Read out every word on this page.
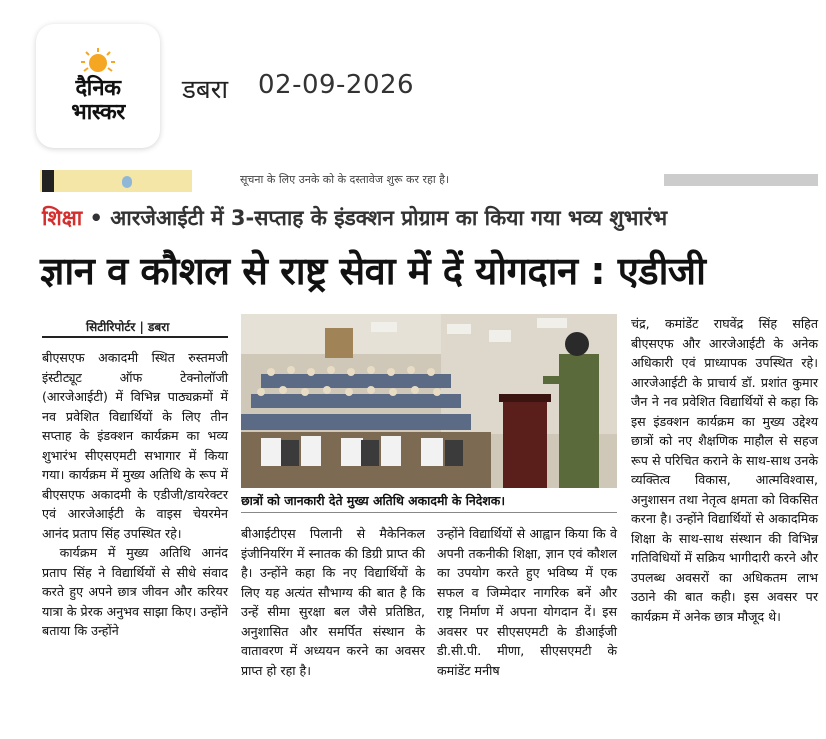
दैनिक
भास्कर
डबरा 02-09-2026
सूचना के लिए उनके को के दस्तावेज शुरू कर रहा है।
शिक्षा • आरजेआईटी में 3-सप्ताह के इंडक्शन प्रोग्राम का किया गया भव्य शुभारंभ
ज्ञान व कौशल से राष्ट्र सेवा में दें योगदान : एडीजी
सिटीरिपोर्टर | डबरा

बीएसएफ अकादमी स्थित रुस्तमजी इंस्टीट्यूट ऑफ टेक्नोलॉजी (आरजेआईटी) में विभिन्न पाठ्यक्रमों में नव प्रवेशित विद्यार्थियों के लिए तीन सप्ताह के इंडक्शन कार्यक्रम का भव्य शुभारंभ सीएसएमटी सभागार में किया गया। कार्यक्रम में मुख्य अतिथि के रूप में बीएसएफ अकादमी के एडीजी/डायरेक्टर एवं आरजेआईटी के वाइस चेयरमेन आनंद प्रताप सिंह उपस्थित रहे।

कार्यक्रम में मुख्य अतिथि आनंद प्रताप सिंह ने विद्यार्थियों से सीधे संवाद करते हुए अपने छात्र जीवन और करियर यात्रा के प्रेरक अनुभव साझा किए। उन्होंने बताया कि उन्होंने

छात्रों को जानकारी देते मुख्य अतिथि अकादमी के निदेशक।

बीआईटीएस पिलानी से मैकेनिकल इंजीनियरिंग में स्नातक की डिग्री प्राप्त की है। उन्होंने कहा कि नए विद्यार्थियों के लिए यह अत्यंत सौभाग्य की बात है कि उन्हें सीमा सुरक्षा बल जैसे प्रतिष्ठित, अनुशासित और समर्पित संस्थान के वातावरण में अध्ययन करने का अवसर प्राप्त हो रहा है।

उन्होंने विद्यार्थियों से आह्वान किया कि वे अपनी तकनीकी शिक्षा, ज्ञान एवं कौशल का उपयोग करते हुए भविष्य में एक सफल व जिम्मेदार नागरिक बनें और राष्ट्र निर्माण में अपना योगदान दें। इस अवसर पर सीएसएमटी के डीआईजी डी.सी.पी. मीणा, सीएसएमटी के कमांडेंट मनीष

चंद्र, कमांडेंट राघवेंद्र सिंह सहित बीएसएफ और आरजेआईटी के अनेक अधिकारी एवं प्राध्यापक उपस्थित रहे। आरजेआईटी के प्राचार्य डॉ. प्रशांत कुमार जैन ने नव प्रवेशित विद्यार्थियों से कहा कि इस इंडक्शन कार्यक्रम का मुख्य उद्देश्य छात्रों को नए शैक्षणिक माहौल से सहज रूप से परिचित कराने के साथ-साथ उनके व्यक्तित्व विकास, आत्मविश्वास, अनुशासन तथा नेतृत्व क्षमता को विकसित करना है। उन्होंने विद्यार्थियों से अकादमिक शिक्षा के साथ-साथ संस्थान की विभिन्न गतिविधियों में सक्रिय भागीदारी करने और उपलब्ध अवसरों का अधिकतम लाभ उठाने की बात कही। इस अवसर पर कार्यक्रम में अनेक छात्र मौजूद थे।
